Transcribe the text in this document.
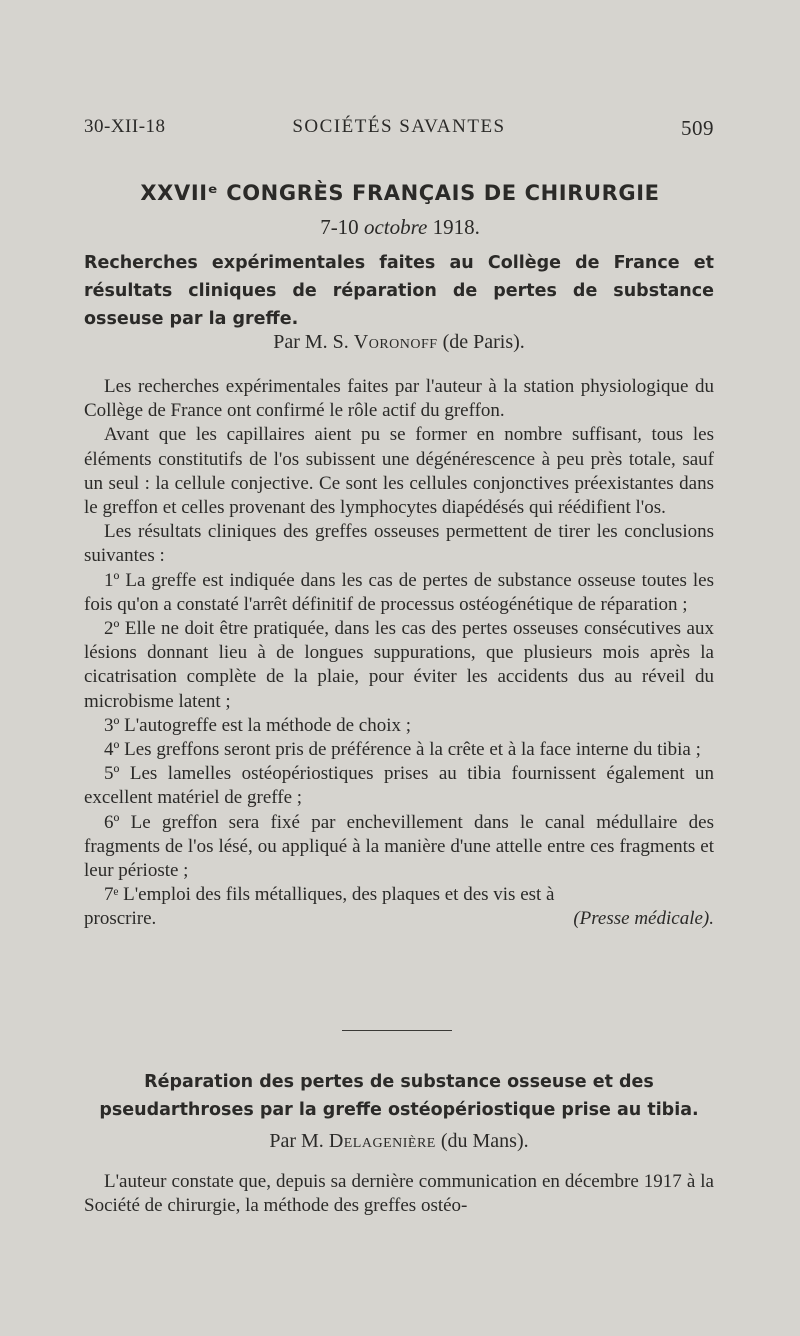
30-XII-18	SOCIÉTÉS SAVANTES	509
XXVIIᵉ CONGRÈS FRANÇAIS DE CHIRURGIE
7-10 octobre 1918.
Recherches expérimentales faites au Collège de France et résultats cliniques de réparation de pertes de substance osseuse par la greffe.
Par M. S. Voronoff (de Paris).

Les recherches expérimentales faites par l'auteur à la station physiologique du Collège de France ont confirmé le rôle actif du greffon.

Avant que les capillaires aient pu se former en nombre suffisant, tous les éléments constitutifs de l'os subissent une dégénérescence à peu près totale, sauf un seul : la cellule conjective. Ce sont les cellules conjonctives préexistantes dans le greffon et celles provenant des lymphocytes diapédésés qui réédifient l'os.

Les résultats cliniques des greffes osseuses permettent de tirer les conclusions suivantes :

1º La greffe est indiquée dans les cas de pertes de substance osseuse toutes les fois qu'on a constaté l'arrêt définitif de processus ostéogénétique de réparation ;

2º Elle ne doit être pratiquée, dans les cas des pertes osseuses consécutives aux lésions donnant lieu à de longues suppurations, que plusieurs mois après la cicatrisation complète de la plaie, pour éviter les accidents dus au réveil du microbisme latent ;

3º L'autogreffe est la méthode de choix ;

4º Les greffons seront pris de préférence à la crête et à la face interne du tibia ;

5º Les lamelles ostéopériostiques prises au tibia fournissent également un excellent matériel de greffe ;

6º Le greffon sera fixé par enchevillement dans le canal médullaire des fragments de l'os lésé, ou appliqué à la manière d'une attelle entre ces fragments et leur périoste ;

7ᵉ L'emploi des fils métalliques, des plaques et des vis est à

proscrire.	(Presse médicale).
Réparation des pertes de substance osseuse et des pseudarthroses par la greffe ostéopériostique prise au tibia.
Par M. Delagenière (du Mans).

L'auteur constate que, depuis sa dernière communication en décembre 1917 à la Société de chirurgie, la méthode des greffes ostéo-
